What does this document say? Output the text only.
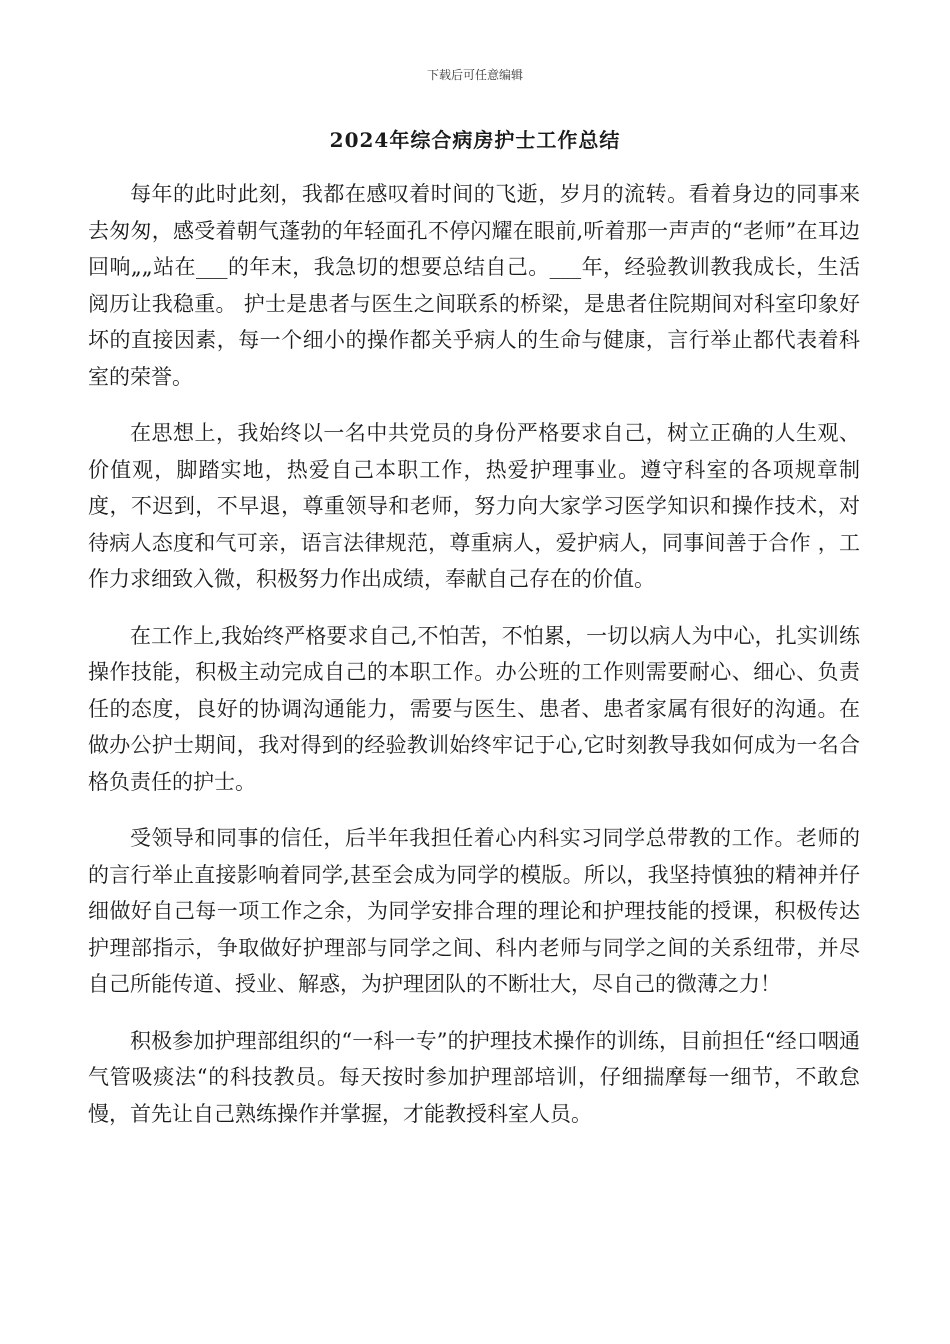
下载后可任意编辑
2024年综合病房护士工作总结

每年的此时此刻，我都在感叹着时间的飞逝，岁月的流转。看着身边的同事来去匆匆，感受着朝气蓬勃的年轻面孔不停闪耀在眼前,听着那一声声的“老师”在耳边回响„„站在___的年末，我急切的想要总结自己。___年，经验教训教我成长，生活阅历让我稳重。 护士是患者与医生之间联系的桥梁，是患者住院期间对科室印象好坏的直接因素，每一个细小的操作都关乎病人的生命与健康，言行举止都代表着科室的荣誉。

在思想上，我始终以一名中共党员的身份严格要求自己，树立正确的人生观、价值观，脚踏实地，热爱自己本职工作，热爱护理事业。遵守科室的各项规章制度，不迟到，不早退，尊重领导和老师，努力向大家学习医学知识和操作技术，对待病人态度和气可亲，语言法律规范，尊重病人，爱护病人，同事间善于合作 ，工作力求细致入微，积极努力作出成绩，奉献自己存在的价值。

在工作上,我始终严格要求自己,不怕苦，不怕累，一切以病人为中心，扎实训练操作技能，积极主动完成自己的本职工作。办公班的工作则需要耐心、细心、负责任的态度，良好的协调沟通能力，需要与医生、患者、患者家属有很好的沟通。在做办公护士期间，我对得到的经验教训始终牢记于心,它时刻教导我如何成为一名合格负责任的护士。

受领导和同事的信任，后半年我担任着心内科实习同学总带教的工作。老师的的言行举止直接影响着同学,甚至会成为同学的模版。所以，我坚持慎独的精神并仔细做好自己每一项工作之余，为同学安排合理的理论和护理技能的授课，积极传达护理部指示，争取做好护理部与同学之间、科内老师与同学之间的关系纽带，并尽自己所能传道、授业、解惑，为护理团队的不断壮大，尽自己的微薄之力！

积极参加护理部组织的“一科一专”的护理技术操作的训练，目前担任“经口咽通气管吸痰法“的科技教员。每天按时参加护理部培训，仔细揣摩每一细节，不敢怠慢，首先让自己熟练操作并掌握，才能教授科室人员。
